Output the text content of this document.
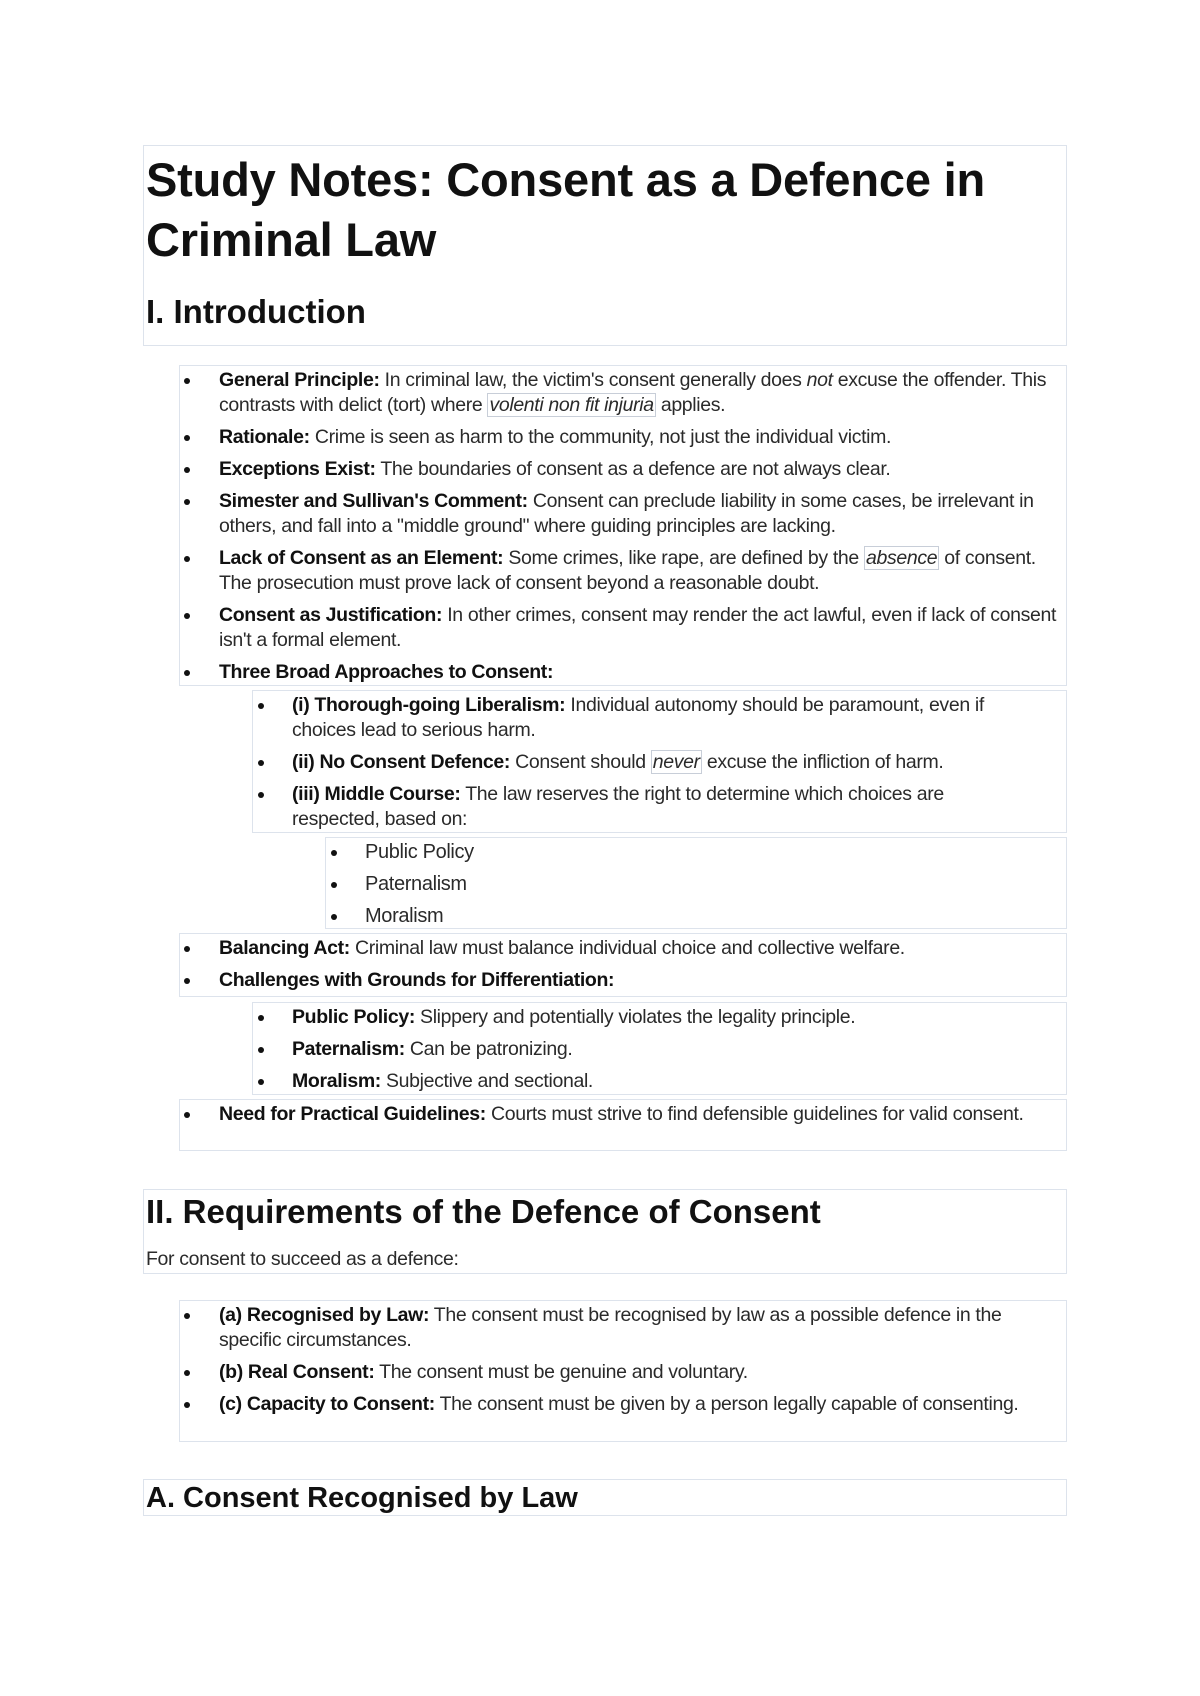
Study Notes: Consent as a Defence in Criminal Law
I. Introduction
General Principle: In criminal law, the victim's consent generally does not excuse the offender. This contrasts with delict (tort) where volenti non fit injuria applies.
Rationale: Crime is seen as harm to the community, not just the individual victim.
Exceptions Exist: The boundaries of consent as a defence are not always clear.
Simester and Sullivan's Comment: Consent can preclude liability in some cases, be irrelevant in others, and fall into a "middle ground" where guiding principles are lacking.
Lack of Consent as an Element: Some crimes, like rape, are defined by the absence of consent. The prosecution must prove lack of consent beyond a reasonable doubt.
Consent as Justification: In other crimes, consent may render the act lawful, even if lack of consent isn't a formal element.
Three Broad Approaches to Consent:
(i) Thorough-going Liberalism: Individual autonomy should be paramount, even if choices lead to serious harm.
(ii) No Consent Defence: Consent should never excuse the infliction of harm.
(iii) Middle Course: The law reserves the right to determine which choices are respected, based on:
Public Policy
Paternalism
Moralism
Balancing Act: Criminal law must balance individual choice and collective welfare.
Challenges with Grounds for Differentiation:
Public Policy: Slippery and potentially violates the legality principle.
Paternalism: Can be patronizing.
Moralism: Subjective and sectional.
Need for Practical Guidelines: Courts must strive to find defensible guidelines for valid consent.
II. Requirements of the Defence of Consent
For consent to succeed as a defence:
(a) Recognised by Law: The consent must be recognised by law as a possible defence in the specific circumstances.
(b) Real Consent: The consent must be genuine and voluntary.
(c) Capacity to Consent: The consent must be given by a person legally capable of consenting.
A. Consent Recognised by Law
